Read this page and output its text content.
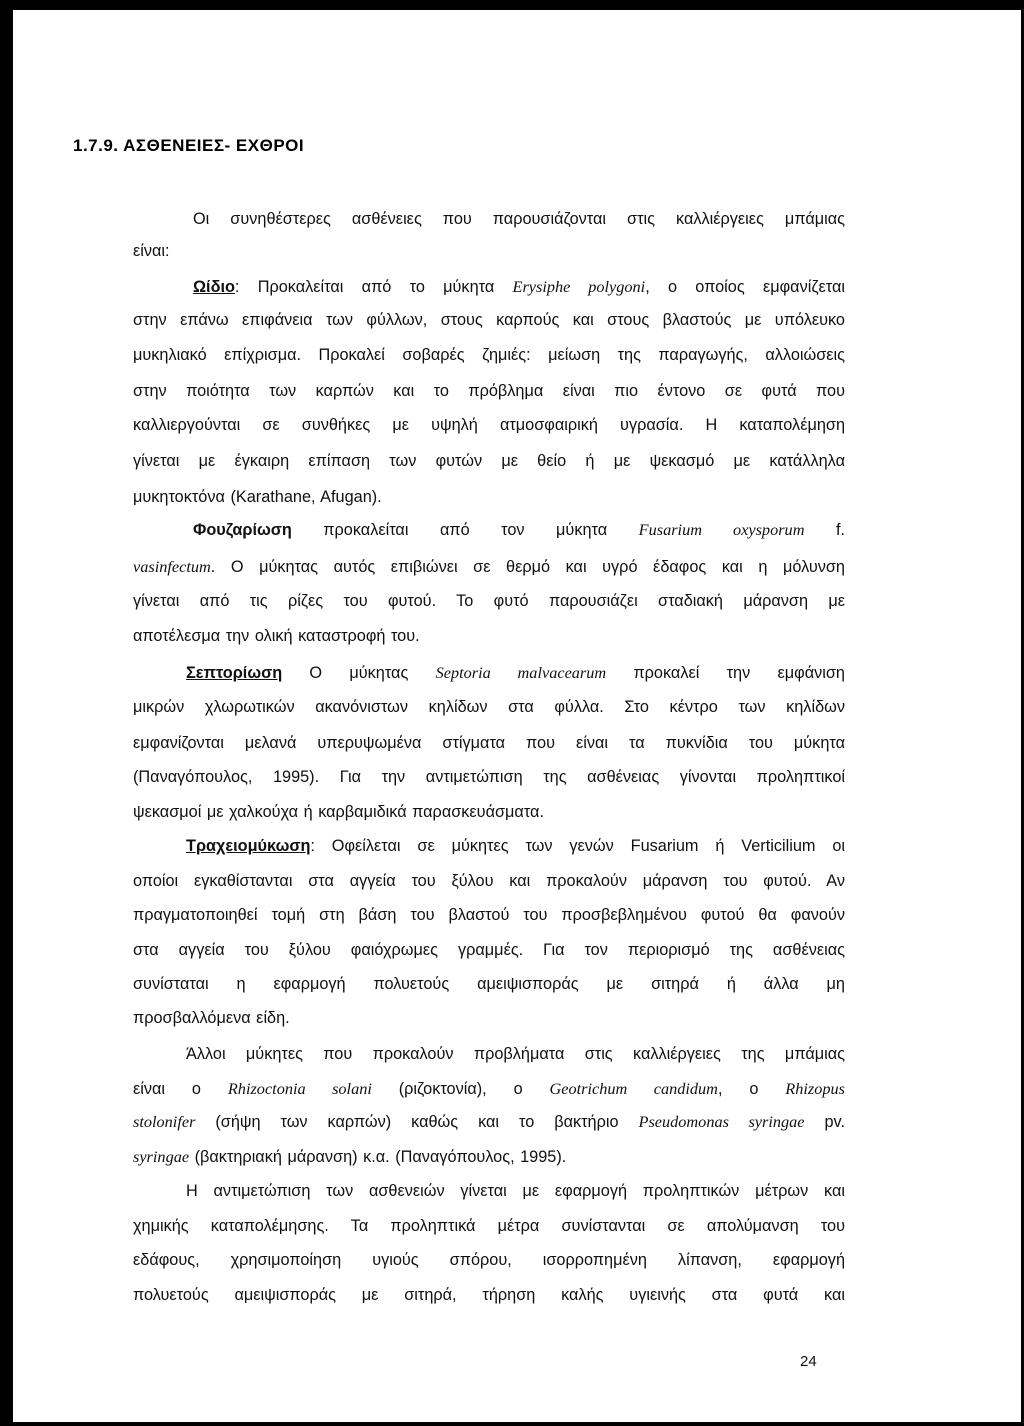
1.7.9. ΑΣΘΕΝΕΙΕΣ- ΕΧΘΡΟΙ
Οι συνηθέστερες ασθένειες που παρουσιάζονται στις καλλιέργειες μπάμιας
είναι:
Ωίδιο: Προκαλείται από το μύκητα Erysiphe polygoni, ο οποίος εμφανίζεται
στην επάνω επιφάνεια των φύλλων, στους καρπούς και στους βλαστούς με υπόλευκο
μυκηλιακό επίχρισμα. Προκαλεί σοβαρές ζημιές: μείωση της παραγωγής, αλλοιώσεις
στην ποιότητα των καρπών και το πρόβλημα είναι πιο έντονο σε φυτά που
καλλιεργούνται σε συνθήκες με υψηλή ατμοσφαιρική υγρασία. Η καταπολέμηση
γίνεται με έγκαιρη επίπαση των φυτών με θείο ή με ψεκασμό με κατάλληλα
μυκητοκτόνα (Karathane, Afugan).
Φουζαρίωση προκαλείται από τον μύκητα Fusarium oxysporum f.
vasinfectum. Ο μύκητας αυτός επιβιώνει σε θερμό και υγρό έδαφος και η μόλυνση
γίνεται από τις ρίζες του φυτού. Το φυτό παρουσιάζει σταδιακή μάρανση με
αποτέλεσμα την ολική καταστροφή του.
Σεπτορίωση Ο μύκητας Septoria malvacearum προκαλεί την εμφάνιση
μικρών χλωρωτικών ακανόνιστων κηλίδων στα φύλλα. Στο κέντρο των κηλίδων
εμφανίζονται μελανά υπερυψωμένα στίγματα που είναι τα πυκνίδια του μύκητα
(Παναγόπουλος, 1995). Για την αντιμετώπιση της ασθένειας γίνονται προληπτικοί
ψεκασμοί με χαλκούχα ή καρβαμιδικά παρασκευάσματα.
Τραχειομύκωση: Οφείλεται σε μύκητες των γενών Fusarium ή Verticilium οι
οποίοι εγκαθίστανται στα αγγεία του ξύλου και προκαλούν μάρανση του φυτού. Αν
πραγματοποιηθεί τομή στη βάση του βλαστού του προσβεβλημένου φυτού θα φανούν
στα αγγεία του ξύλου φαιόχρωμες γραμμές. Για τον περιορισμό της ασθένειας
συνίσταται η εφαρμογή πολυετούς αμειψισποράς με σιτηρά ή άλλα μη
προσβαλλόμενα είδη.
Άλλοι μύκητες που προκαλούν προβλήματα στις καλλιέργειες της μπάμιας
είναι ο Rhizoctonia solani (ριζοκτονία), ο Geotrichum candidum, ο Rhizopus
stolonifer (σήψη των καρπών) καθώς και το βακτήριο Pseudomonas syringae pv.
syringae (βακτηριακή μάρανση) κ.α. (Παναγόπουλος, 1995).
Η αντιμετώπιση των ασθενειών γίνεται με εφαρμογή προληπτικών μέτρων και
χημικής καταπολέμησης. Τα προληπτικά μέτρα συνίστανται σε απολύμανση του
εδάφους, χρησιμοποίηση υγιούς σπόρου, ισορροπημένη λίπανση, εφαρμογή
πολυετούς αμειψισποράς με σιτηρά, τήρηση καλής υγιεινής στα φυτά και
24
